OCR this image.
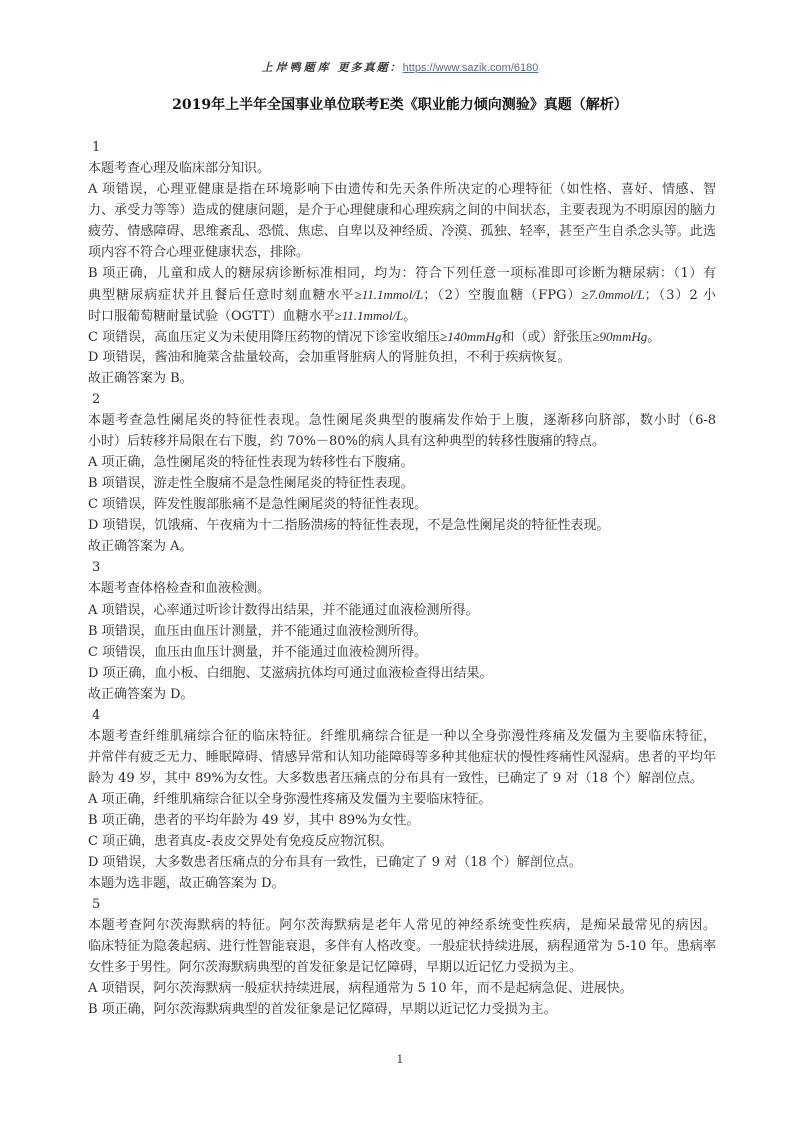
上岸鸭题库 更多真题：https://www.sazik.com/6180
2019年上半年全国事业单位联考E类《职业能力倾向测验》真题（解析）
1
本题考查心理及临床部分知识。
A 项错误，心理亚健康是指在环境影响下由遗传和先天条件所决定的心理特征（如性格、喜好、情感、智
力、承受力等等）造成的健康问题，是介于心理健康和心理疾病之间的中间状态，主要表现为不明原因的脑力
疲劳、情感障碍、思维紊乱、恐慌、焦虑、自卑以及神经质、冷漠、孤独、轻率，甚至产生自杀念头等。此选
项内容不符合心理亚健康状态，排除。
B 项正确，儿童和成人的糖尿病诊断标准相同，均为：符合下列任意一项标准即可诊断为糖尿病：（1）有
典型糖尿病症状并且餐后任意时刻血糖水平≥11.1mmol/L；（2）空腹血糖（FPG）≥7.0mmol/L；（3）2 小
时口服葡萄糖耐量试验（OGTT）血糖水平≥11.1mmol/L。
C 项错误，高血压定义为未使用降压药物的情况下诊室收缩压≥140mmHg和（或）舒张压≥90mmHg。
D 项错误，酱油和腌菜含盐量较高，会加重肾脏病人的肾脏负担，不利于疾病恢复。
故正确答案为 B。
2
本题考查急性阑尾炎的特征性表现。急性阑尾炎典型的腹痛发作始于上腹，逐渐移向脐部，数小时（6-8
小时）后转移并局限在右下腹，约 70%－80%的病人具有这种典型的转移性腹痛的特点。
A 项正确，急性阑尾炎的特征性表现为转移性右下腹痛。
B 项错误，游走性全腹痛不是急性阑尾炎的特征性表现。
C 项错误，阵发性腹部胀痛不是急性阑尾炎的特征性表现。
D 项错误，饥饿痛、午夜痛为十二指肠溃疡的特征性表现，不是急性阑尾炎的特征性表现。
故正确答案为 A。
3
本题考查体格检查和血液检测。
A 项错误，心率通过听诊计数得出结果，并不能通过血液检测所得。
B 项错误，血压由血压计测量，并不能通过血液检测所得。
C 项错误，血压由血压计测量，并不能通过血液检测所得。
D 项正确，血小板、白细胞、艾滋病抗体均可通过血液检查得出结果。
故正确答案为 D。
4
本题考查纤维肌痛综合征的临床特征。纤维肌痛综合征是一种以全身弥漫性疼痛及发僵为主要临床特征，
并常伴有疲乏无力、睡眠障碍、情感异常和认知功能障碍等多种其他症状的慢性疼痛性风湿病。患者的平均年
龄为 49 岁，其中 89%为女性。大多数患者压痛点的分布具有一致性，已确定了 9 对（18 个）解剖位点。
A 项正确，纤维肌痛综合征以全身弥漫性疼痛及发僵为主要临床特征。
B 项正确，患者的平均年龄为 49 岁，其中 89%为女性。
C 项正确，患者真皮-表皮交界处有免疫反应物沉积。
D 项错误，大多数患者压痛点的分布具有一致性，已确定了 9 对（18 个）解剖位点。
本题为选非题，故正确答案为 D。
5
本题考查阿尔茨海默病的特征。阿尔茨海默病是老年人常见的神经系统变性疾病，是痴呆最常见的病因。
临床特征为隐袭起病、进行性智能衰退，多伴有人格改变。一般症状持续进展，病程通常为 5-10 年。患病率
女性多于男性。阿尔茨海默病典型的首发征象是记忆障碍，早期以近记忆力受损为主。
A 项错误，阿尔茨海默病一般症状持续进展，病程通常为 5 10 年，而不是起病急促、进展快。
B 项正确，阿尔茨海默病典型的首发征象是记忆障碍，早期以近记忆力受损为主。
1
